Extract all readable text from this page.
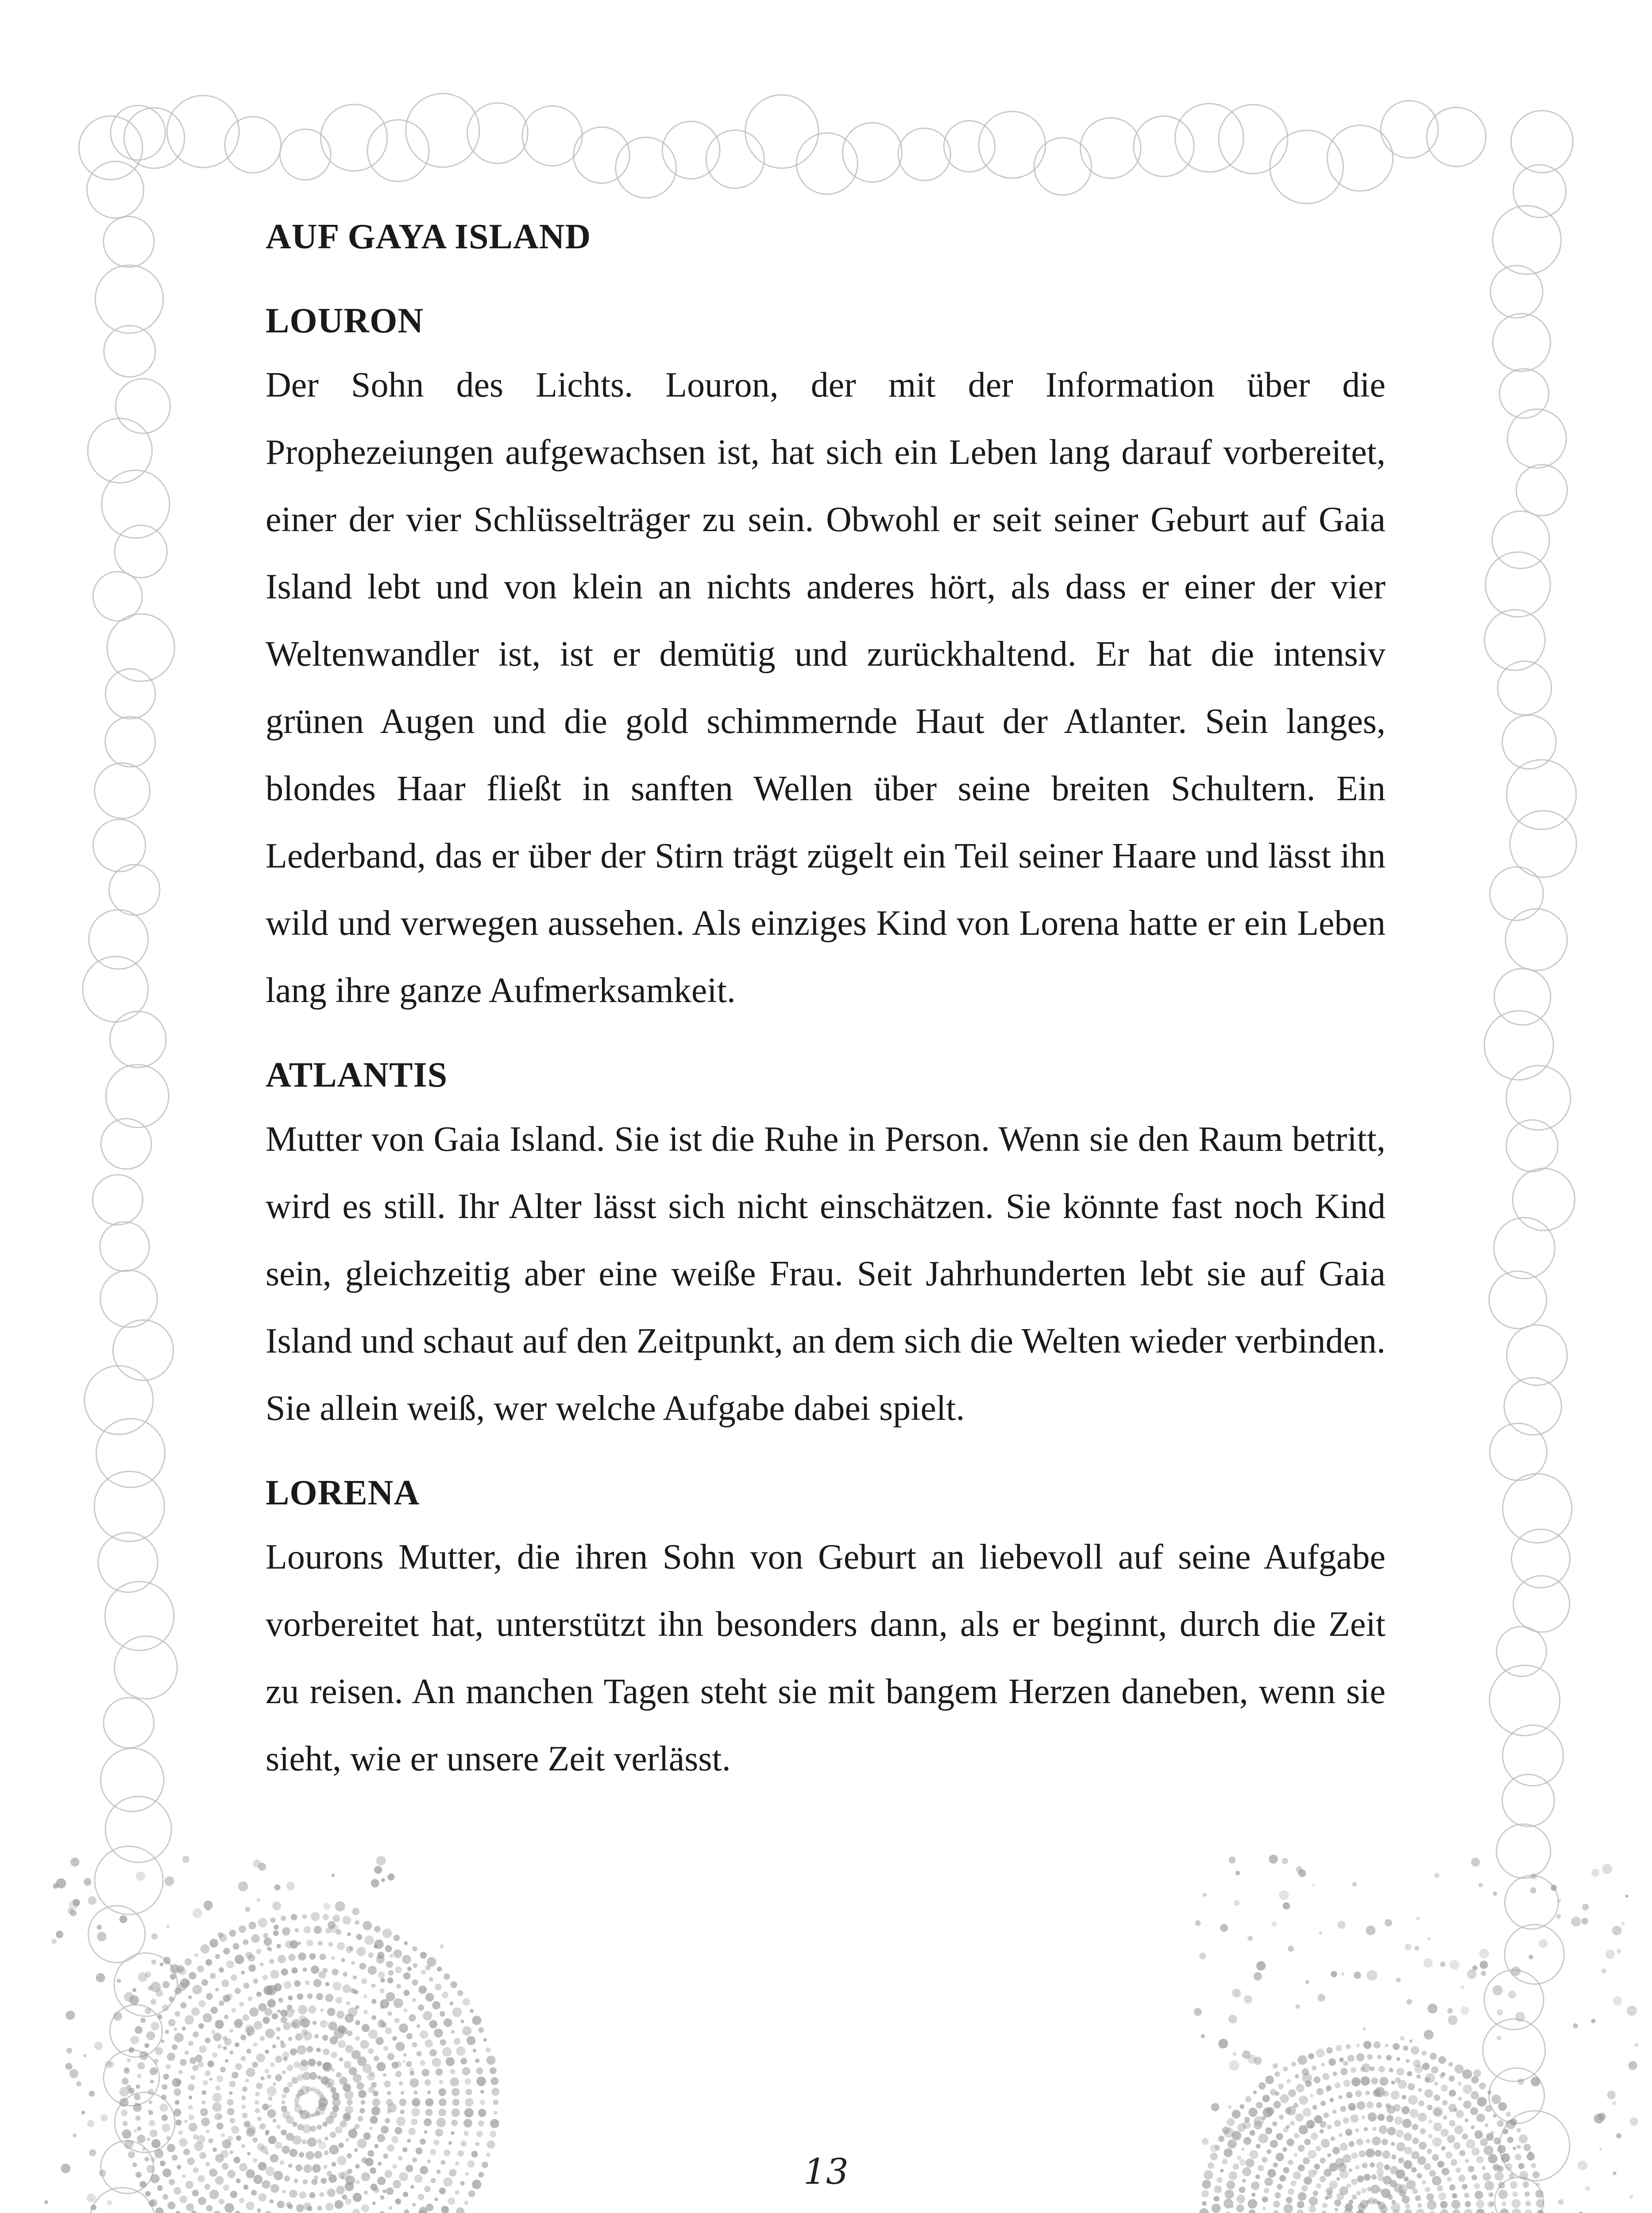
AUF GAYA ISLAND
LOURON

Der Sohn des Lichts. Louron, der mit der Information über die Prophezeiungen aufgewachsen ist, hat sich ein Leben lang darauf vorbereitet, einer der vier Schlüsselträger zu sein. Obwohl er seit seiner Geburt auf Gaia Island lebt und von klein an nichts anderes hört, als dass er einer der vier Weltenwandler ist, ist er demütig und zurückhaltend. Er hat die intensiv grünen Augen und die gold schimmernde Haut der Atlanter. Sein langes, blondes Haar fließt in sanften Wellen über seine breiten Schultern. Ein Lederband, das er über der Stirn trägt zügelt ein Teil seiner Haare und lässt ihn wild und verwegen aussehen. Als einziges Kind von Lorena hatte er ein Leben lang ihre ganze Aufmerksamkeit.

ATLANTIS

Mutter von Gaia Island. Sie ist die Ruhe in Person. Wenn sie den Raum betritt, wird es still. Ihr Alter lässt sich nicht einschätzen. Sie könnte fast noch Kind sein, gleichzeitig aber eine weiße Frau. Seit Jahrhunderten lebt sie auf Gaia Island und schaut auf den Zeitpunkt, an dem sich die Welten wieder verbinden. Sie allein weiß, wer welche Aufgabe dabei spielt.

LORENA

Lourons Mutter, die ihren Sohn von Geburt an liebevoll auf seine Aufgabe vorbereitet hat, unterstützt ihn besonders dann, als er beginnt, durch die Zeit zu reisen. An manchen Tagen steht sie mit bangem Herzen daneben, wenn sie sieht, wie er unsere Zeit verlässt.

13
